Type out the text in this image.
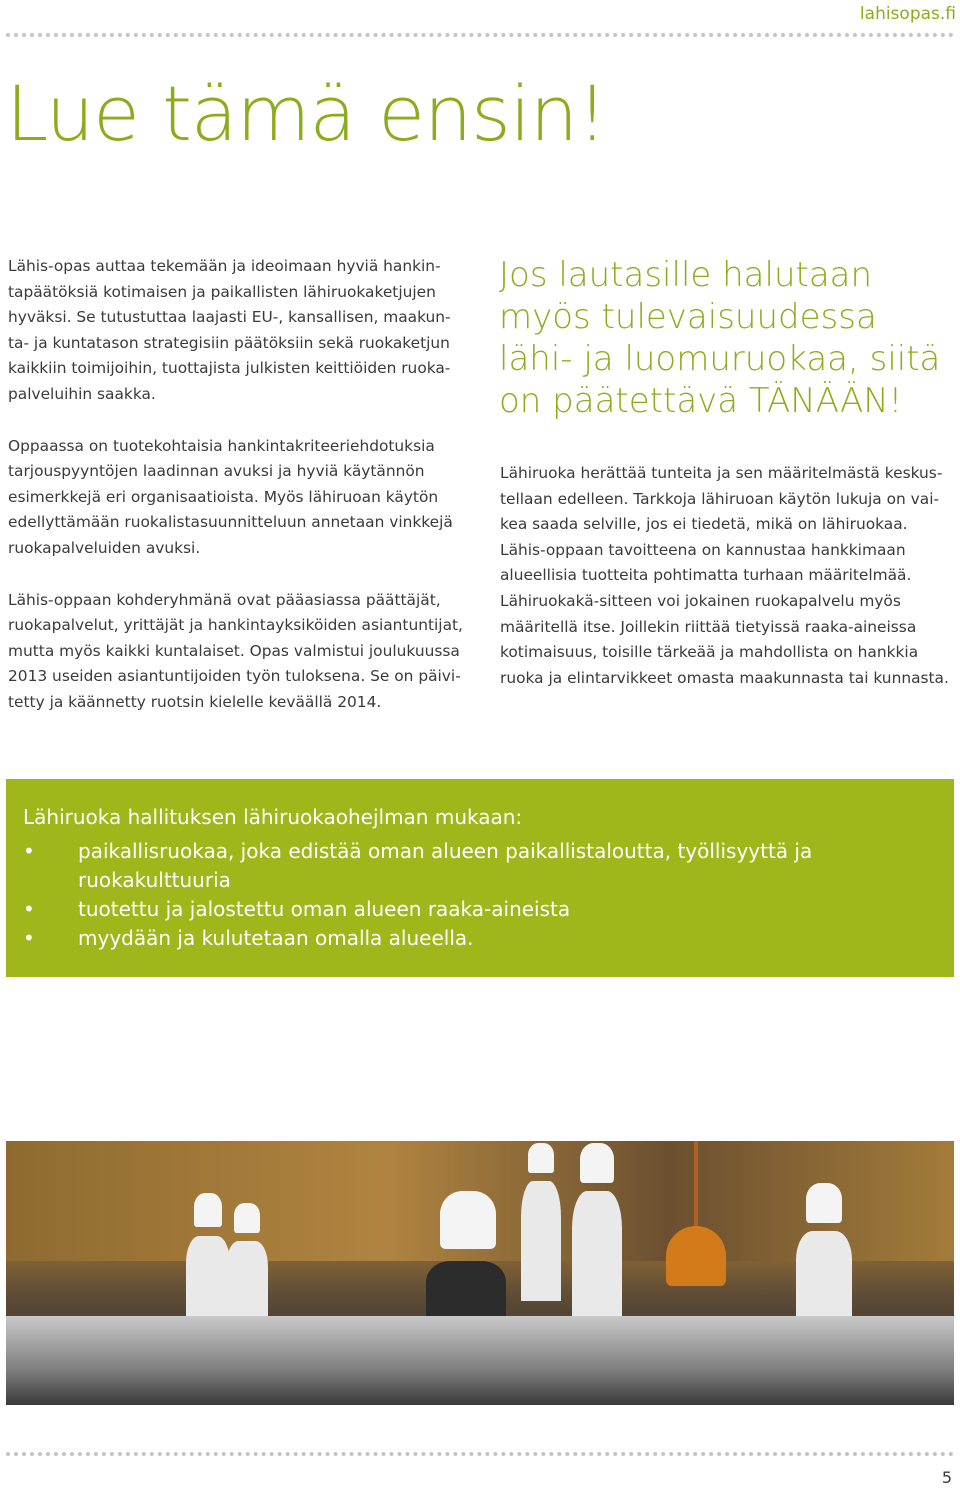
lahisopas.fi
Lue tämä ensin!

Lähis-opas auttaa tekemään ja ideoimaan hyviä hankin-tapäätöksiä kotimaisen ja paikallisten lähiruokaketjujen hyväksi. Se tutustuttaa laajasti EU-, kansallisen, maakun-ta- ja kuntatason strategisiin päätöksiin sekä ruokaketjun kaikkiin toimijoihin, tuottajista julkisten keittiöiden ruoka-palveluihin saakka.

Oppaassa on tuotekohtaisia hankintakriteeriehdotuksia tarjouspyyntöjen laadinnan avuksi ja hyviä käytännön esimerkkejä eri organisaatioista. Myös lähiruoan käytön edellyttämään ruokalistasuunnitteluun annetaan vinkkejä ruokapalveluiden avuksi.

Lähis-oppaan kohderyhmänä ovat pääasiassa päättäjät, ruokapalvelut, yrittäjät ja hankintayksiköiden asiantuntijat, mutta myös kaikki kuntalaiset. Opas valmistui joulukuussa 2013 useiden asiantuntijoiden työn tuloksena. Se on päivi-tetty ja käännetty ruotsin kielelle keväällä 2014.

Jos lautasille halutaan
myös tulevaisuudessa
lähi- ja luomuruokaa, siitä
on päätettävä TÄNÄÄN!

Lähiruoka herättää tunteita ja sen määritelmästä keskus-tellaan edelleen. Tarkkoja lähiruoan käytön lukuja on vai-kea saada selville, jos ei tiedetä, mikä on lähiruokaa. Lähis-oppaan tavoitteena on kannustaa hankkimaan alueellisia tuotteita pohtimatta turhaan määritelmää. Lähiruokakä-sitteen voi jokainen ruokapalvelu myös määritellä itse. Joillekin riittää tietyissä raaka-aineissa kotimaisuus, toisille tärkeää ja mahdollista on hankkia ruoka ja elintarvikkeet omasta maakunnasta tai kunnasta.

Lähiruoka hallituksen lähiruokaohejlman mukaan:
• paikallisruokaa, joka edistää oman alueen paikallistaloutta, työllisyyttä ja ruokakulttuuria
• tuotettu ja jalostettu oman alueen raaka-aineista
• myydään ja kulutetaan omalla alueella.
5
